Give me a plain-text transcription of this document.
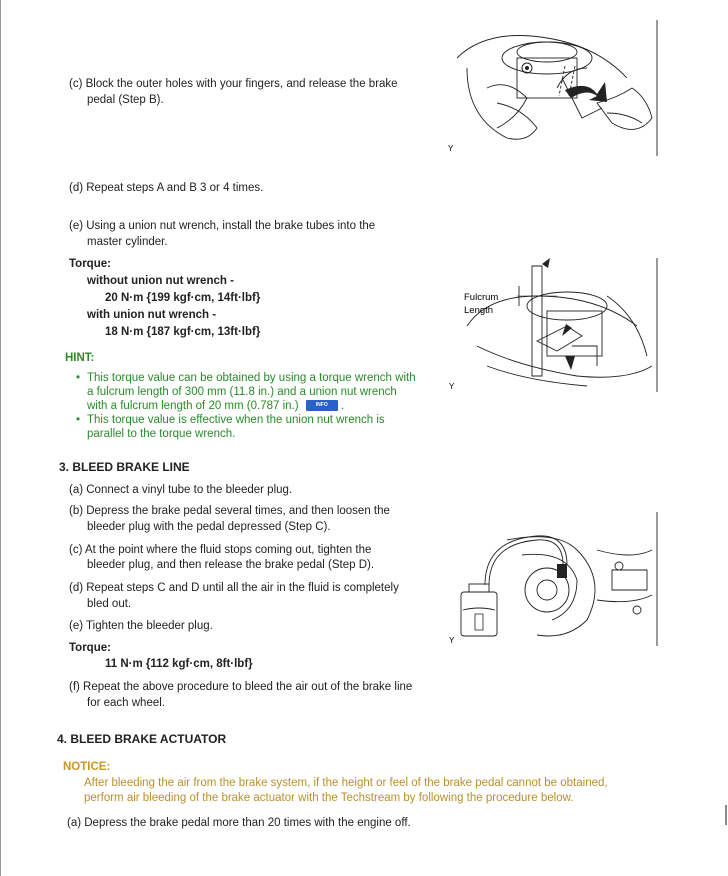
(c) Block the outer holes with your fingers, and release the brake

pedal (Step B).

(d) Repeat steps A and B 3 or 4 times.

(e) Using a union nut wrench, install the brake tubes into the

master cylinder.

Torque:

without union nut wrench -

20 N·m {199 kgf·cm, 14ft·lbf}

with union nut wrench -

18 N·m {187 kgf·cm, 13ft·lbf}

HINT:

• This torque value can be obtained by using a torque wrench with

a fulcrum length of 300 mm (11.8 in.) and a union nut wrench

with a fulcrum length of 20 mm (0.787 in.)	INFO .

• This torque value is effective when the union nut wrench is

parallel to the torque wrench.

3. BLEED BRAKE LINE

(a) Connect a vinyl tube to the bleeder plug.

(b) Depress the brake pedal several times, and then loosen the

bleeder plug with the pedal depressed (Step C).

(c) At the point where the fluid stops coming out, tighten the

bleeder plug, and then release the brake pedal (Step D).

(d) Repeat steps C and D until all the air in the fluid is completely

bled out.

(e) Tighten the bleeder plug.

Torque:

11 N·m {112 kgf·cm, 8ft·lbf}

(f) Repeat the above procedure to bleed the air out of the brake line

for each wheel.

4. BLEED BRAKE ACTUATOR

NOTICE:

After bleeding the air from the brake system, if the height or feel of the brake pedal cannot be obtained,

perform air bleeding of the brake actuator with the Techstream by following the procedure below.

(a) Depress the brake pedal more than 20 times with the engine off.

Y
Fulcrum
Length
Y
Y
